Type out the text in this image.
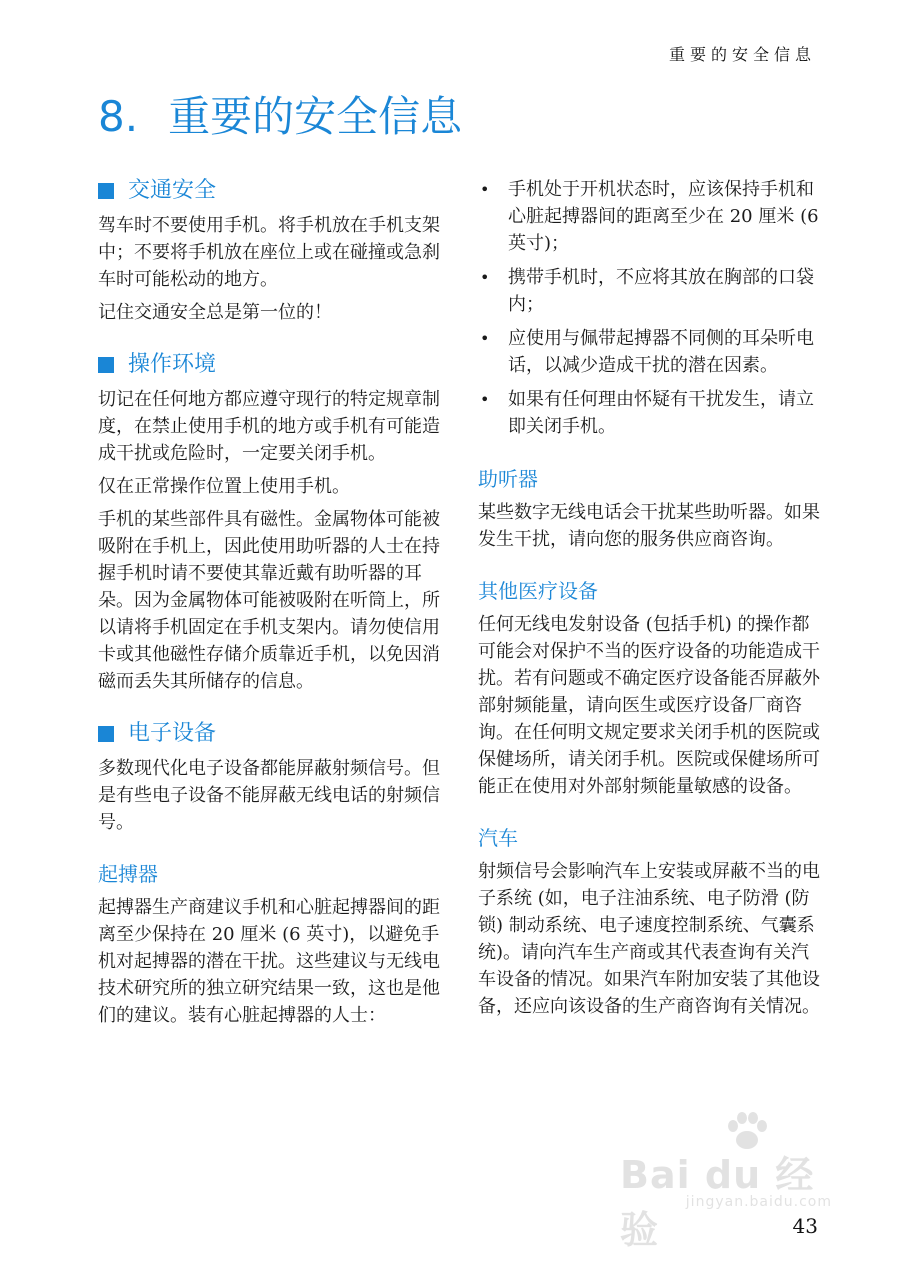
重要的安全信息
8. 重要的安全信息
交通安全

驾车时不要使用手机。将手机放在手机支架中；不要将手机放在座位上或在碰撞或急刹车时可能松动的地方。

记住交通安全总是第一位的！

操作环境

切记在任何地方都应遵守现行的特定规章制度，在禁止使用手机的地方或手机有可能造成干扰或危险时，一定要关闭手机。

仅在正常操作位置上使用手机。

手机的某些部件具有磁性。金属物体可能被吸附在手机上，因此使用助听器的人士在持握手机时请不要使其靠近戴有助听器的耳朵。因为金属物体可能被吸附在听筒上，所以请将手机固定在手机支架内。请勿使信用卡或其他磁性存储介质靠近手机，以免因消磁而丢失其所储存的信息。

电子设备

多数现代化电子设备都能屏蔽射频信号。但是有些电子设备不能屏蔽无线电话的射频信号。

起搏器

起搏器生产商建议手机和心脏起搏器间的距离至少保持在 20 厘米 (6 英寸)，以避免手机对起搏器的潜在干扰。这些建议与无线电技术研究所的独立研究结果一致，这也是他们的建议。装有心脏起搏器的人士：

• 手机处于开机状态时，应该保持手机和心脏起搏器间的距离至少在 20 厘米 (6 英寸)；
• 携带手机时，不应将其放在胸部的口袋内；
• 应使用与佩带起搏器不同侧的耳朵听电话，以减少造成干扰的潜在因素。
• 如果有任何理由怀疑有干扰发生，请立即关闭手机。
助听器

某些数字无线电话会干扰某些助听器。如果发生干扰，请向您的服务供应商咨询。

其他医疗设备

任何无线电发射设备 (包括手机) 的操作都可能会对保护不当的医疗设备的功能造成干扰。若有问题或不确定医疗设备能否屏蔽外部射频能量，请向医生或医疗设备厂商咨询。在任何明文规定要求关闭手机的医院或保健场所，请关闭手机。医院或保健场所可能正在使用对外部射频能量敏感的设备。

汽车

射频信号会影响汽车上安装或屏蔽不当的电子系统 (如，电子注油系统、电子防滑 (防锁) 制动系统、电子速度控制系统、气囊系统)。请向汽车生产商或其代表查询有关汽车设备的情况。如果汽车附加安装了其他设备，还应向该设备的生产商咨询有关情况。

Bai du 经验
jingyan.baidu.com
43
